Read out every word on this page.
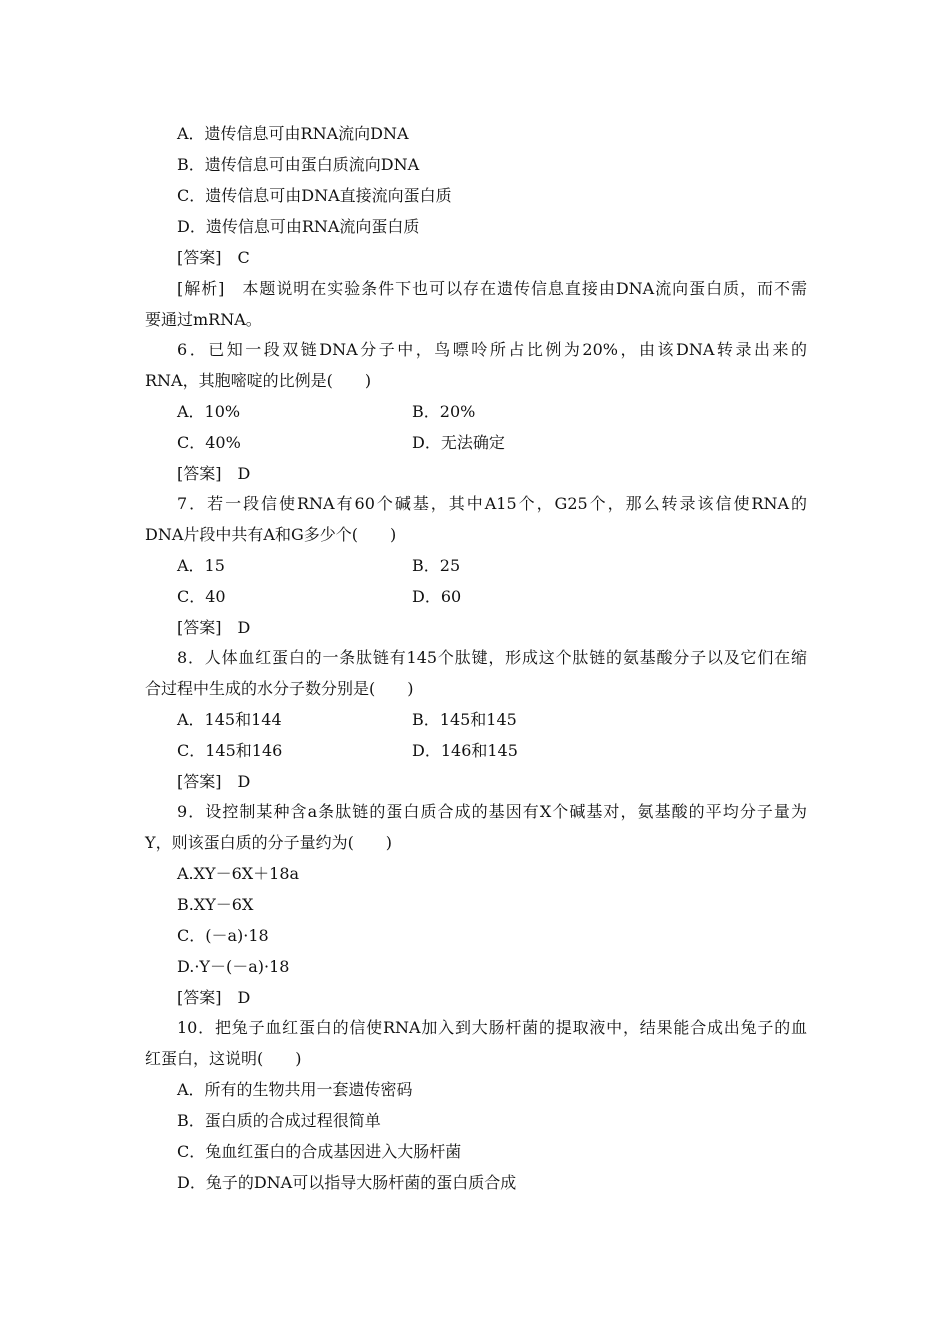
A．遗传信息可由RNA流向DNA
B．遗传信息可由蛋白质流向DNA
C．遗传信息可由DNA直接流向蛋白质
D．遗传信息可由RNA流向蛋白质
[答案]　C
[解析]　本题说明在实验条件下也可以存在遗传信息直接由DNA流向蛋白质，而不需
要通过mRNA。
6．已知一段双链DNA分子中，鸟嘌呤所占比例为20%，由该DNA转录出来的
RNA，其胞嘧啶的比例是(　　)
A．10%	B．20%
C．40%	D．无法确定
[答案]　D
7．若一段信使RNA有60个碱基，其中A15个，G25个，那么转录该信使RNA的
DNA片段中共有A和G多少个(　　)
A．15	B．25
C．40	D．60
[答案]　D
8．人体血红蛋白的一条肽链有145个肽键，形成这个肽链的氨基酸分子以及它们在缩
合过程中生成的水分子数分别是(　　)
A．145和144	B．145和145
C．145和146	D．146和145
[答案]　D
9．设控制某种含a条肽链的蛋白质合成的基因有X个碱基对，氨基酸的平均分子量为
Y，则该蛋白质的分子量约为(　　)
A.XY－6X＋18a
B.XY－6X
C．(－a)·18
D.·Y－(－a)·18
[答案]　D
10．把兔子血红蛋白的信使RNA加入到大肠杆菌的提取液中，结果能合成出兔子的血
红蛋白，这说明(　　)
A．所有的生物共用一套遗传密码
B．蛋白质的合成过程很简单
C．兔血红蛋白的合成基因进入大肠杆菌
D．兔子的DNA可以指导大肠杆菌的蛋白质合成
